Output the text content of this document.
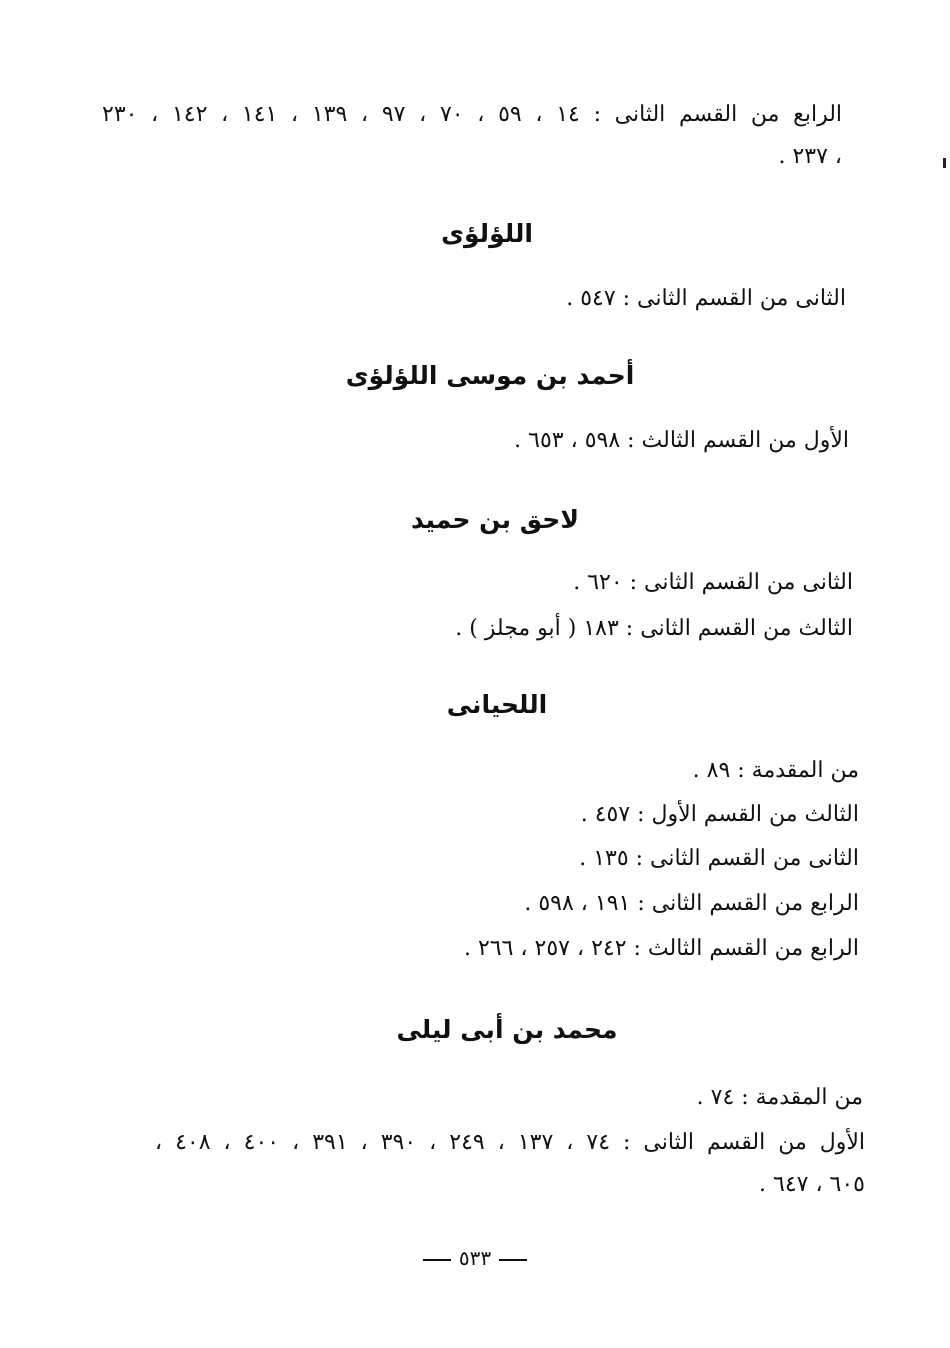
الرابع من القسم الثانى : ١٤ ، ٥٩ ، ٧٠ ، ٩٧ ، ١٣٩ ، ١٤١ ، ١٤٢ ، ٢٣٠
، ٢٣٧ .
اللؤلؤى
الثانى من القسم الثانى : ٥٤٧ .
أحمد بن موسى اللؤلؤى
الأول من القسم الثالث : ٥٩٨ ، ٦٥٣ .
لاحق بن حميد
الثانى من القسم الثانى : ٦٢٠ .
الثالث من القسم الثانى : ١٨٣ ( أبو مجلز ) .
اللحيانى
من المقدمة : ٨٩ .
الثالث من القسم الأول : ٤٥٧ .
الثانى من القسم الثانى : ١٣٥ .
الرابع من القسم الثانى : ١٩١ ، ٥٩٨ .
الرابع من القسم الثالث : ٢٤٢ ، ٢٥٧ ، ٢٦٦ .
محمد بن أبى ليلى
من المقدمة : ٧٤ .
الأول من القسم الثانى : ٧٤ ، ١٣٧ ، ٢٤٩ ، ٣٩٠ ، ٣٩١ ، ٤٠٠ ، ٤٠٨ ،
٦٠٥ ، ٦٤٧ .
٥٣٣
